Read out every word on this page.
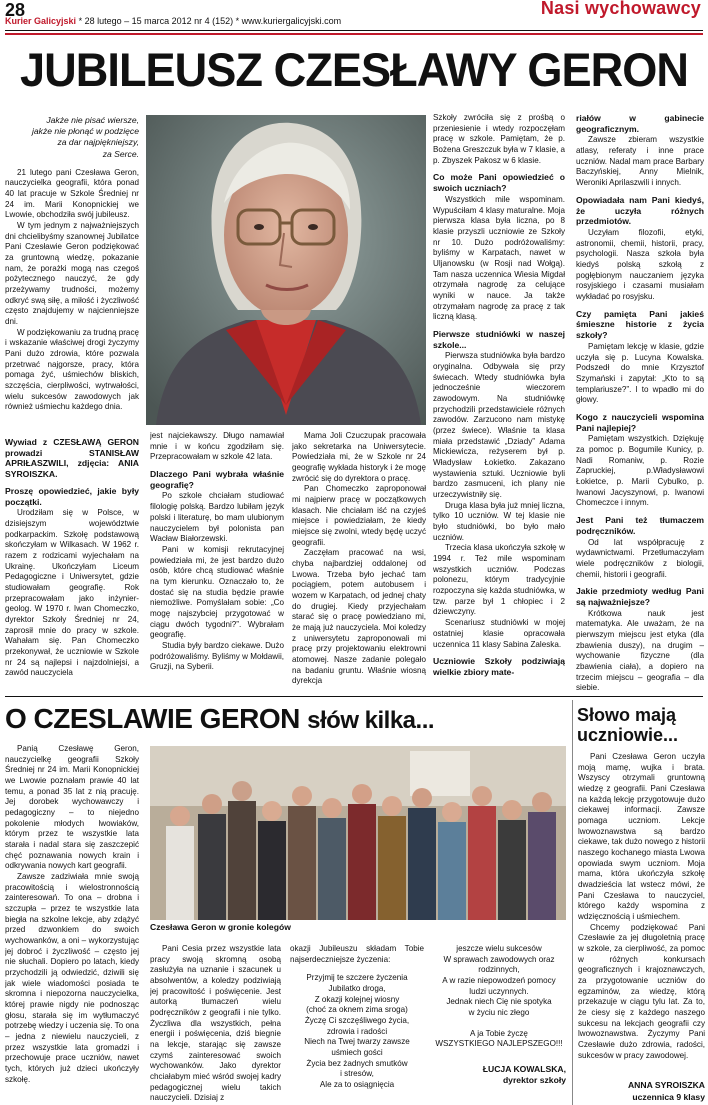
28	Nasi wychowawcy
Kurier Galicyjski * 28 lutego – 15 marca 2012 nr 4 (152) * www.kuriergalicyjski.com
JUBILEUSZ CZESŁAWY GERON
Jakże nie pisać wiersze,
jakże nie płonąć w podzięce
za dar najpiękniejszy,
za Serce.

21 lutego pani Czesława Geron, nauczycielka geografii, która ponad 40 lat pracuje w Szkole Średniej nr 24 im. Marii Konopnickiej we Lwowie, obchodziła swój jubileusz.

W tym jednym z najważniejszych dni chcielibyśmy szanownej Jubilatce Pani Czesławie Geron podziękować za gruntowną wiedzę, pokazanie nam, że porażki mogą nas czegoś pożytecznego nauczyć, że gdy przeżywamy trudności, możemy odkryć swą siłę, a miłość i życzliwość często znajdujemy w najcienniejsze dni.

W podziękowaniu za trudną pracę i wskazanie właściwej drogi życzymy Pani dużo zdrowia, które pozwala przetrwać najgorsze, pracy, która pomaga żyć, uśmiechów bliskich, szczęścia, cierpliwości, wytrwałości, wielu sukcesów zawodowych jak również uśmiechu każdego dnia.

Wywiad z CZESŁAWĄ GERON prowadzi STANISŁAW APRIŁASZWILI, zdjęcia: ANIA SYROISZKA.
Proszę opowiedzieć, jakie były początki.

Urodziłam się w Polsce, w dzisiejszym województwie podkarpackim. Szkołę podstawową skończyłam w Wilkasach. W 1962 r. razem z rodzicami wyjechałam na Ukrainę. Ukończyłam Liceum Pedagogiczne i Uniwersytet, gdzie studiowałam geografię. Rok przepracowałam jako inżynier-geolog. W 1970 r. Iwan Chomeczko, dyrektor Szkoły Średniej nr 24, zaprosił mnie do pracy w szkole. Wahałam się. Pan Chomeczko przekonywał, że uczniowie w Szkole nr 24 są najlepsi i najzdolniejsi, a zawód nauczyciela

jest najciekawszy. Długo namawiał mnie i w końcu zgodziłam się. Przepracowałam w szkole 42 lata.

Dlaczego Pani wybrała właśnie geografię?

Po szkole chciałam studiować filologię polską. Bardzo lubiłam język polski i literaturę, bo mam ulubionym nauczycielem był polonista pan Wacław Białorzewski.

Pani w komisji rekrutacyjnej powiedziała mi, że jest bardzo dużo osób, które chcą studiować właśnie na tym kierunku. Oznaczało to, że dostać się na studia będzie prawie niemożliwe. Pomyślałam sobie: „Co mogę najszybciej przygotować w ciągu dwóch tygodni?”. Wybrałam geografię.

Studia były bardzo ciekawe. Dużo podróżowaliśmy. Byliśmy w Mołdawii, Gruzji, na Syberii.

Mama Joli Czuczupak pracowała jako sekretarka na Uniwersytecie. Powiedziała mi, że w Szkole nr 24 geografię wykłada historyk i że mogę zwrócić się do dyrektora o pracę.

Pan Chomeczko zaproponował mi najpierw pracę w początkowych klasach. Nie chciałam iść na czyjeś miejsce i powiedziałam, że kiedy miejsce się zwolni, wtedy będę uczyć geografii.

Zaczęłam pracować na wsi, chyba najbardziej oddalonej od Lwowa. Trzeba było jechać tam pociągiem, potem autobusem i wozem w Karpatach, od jednej chaty do drugiej. Kiedy przyjechałam starać się o pracę powiedziano mi, że mają już nauczyciela. Moi koledzy z uniwersytetu zaproponowali mi pracę przy projektowaniu elektrowni atomowej. Nasze zadanie polegało na badaniu gruntu. Właśnie wiosną dyrekcja

Szkoły zwróciła się z prośbą o przeniesienie i wtedy rozpoczęłam pracę w szkole. Pamiętam, że p. Bożena Greszczuk była w 7 klasie, a p. Zbyszek Pakosz w 6 klasie.

Co może Pani opowiedzieć o swoich uczniach?

Wszystkich mile wspominam. Wypuściłam 4 klasy maturalne. Moja pierwsza klasa była liczna, po 8 klasie przyszli uczniowie ze Szkoły nr 10. Dużo podróżowaliśmy: byliśmy w Karpatach, nawet w Uljanowsku (w Rosji nad Wołgą). Tam nasza uczennica Wiesia Migdał otrzymała nagrodę za celujące wyniki w nauce. Ja także otrzymałam nagrodę za pracę z tak liczną klasą.

Pierwsze studniówki w naszej szkole...

Pierwsza studniówka była bardzo oryginalna. Odbywała się przy świecach. Wtedy studniówka była jednocześnie wieczorem zawodowym. Na studniówkę przychodzili przedstawiciele różnych zawodów. Zarzucono nam mistykę (przez świece). Właśnie ta klasa miała przedstawić „Dziady” Adama Mickiewicza, reżyserem był p. Władysław Łokietko. Zakazano wystawienia sztuki. Uczniowie byli bardzo zasmuceni, ich plany nie urzeczywistniły się.

Druga klasa była już mniej liczna, tylko 10 uczniów. W tej klasie nie było studniówki, bo było mało uczniów.

Trzecia klasa ukończyła szkołę w 1994 r. Też mile wspominam wszystkich uczniów. Podczas polonezu, którym tradycyjnie rozpoczyna się każda studniówka, w tzw. parze był 1 chłopiec i 2 dziewczyny.

Scenariusz studniówki w mojej ostatniej klasie opracowała uczennica 11 klasy Sabina Zaleska.

Uczniowie Szkoły podziwiają wielkie zbiory mate-
riałów w gabinecie geograficznym.

Zawsze zbieram wszystkie atlasy, referaty i inne prace uczniów. Nadal mam prace Barbary Baczyńskiej, Anny Mielnik, Weroniki Aprilaszwili i innych.

Opowiadała nam Pani kiedyś, że uczyła różnych przedmiotów.

Uczyłam filozofii, etyki, astronomii, chemii, historii, pracy, psychologii. Nasza szkoła była kiedyś polską szkołą z pogłębionym nauczaniem języka rosyjskiego i czasami musiałam wykładać po rosyjsku.

Czy pamięta Pani jakieś śmieszne historie z życia szkoły?

Pamiętam lekcję w klasie, gdzie uczyła się p. Lucyna Kowalska. Podszedł do mnie Krzysztof Szymański i zapytał: „Kto to są templariusze?”. I to wpadło mi do głowy.

Kogo z nauczycieli wspomina Pani najlepiej?

Pamiętam wszystkich. Dziękuję za pomoc p. Bogumile Kunicy, p. Nadi Romaniw, p. Rozie Zapruckiej, p.Władysławowi Łokietce, p. Marii Cybulko, p. Iwanowi Jacyszynowi, p. Iwanowi Chomeczce i innym.

Jest Pani też tłumaczem podręczników.

Od lat współpracuję z wydawnictwami. Przetłumaczyłam wiele podręczników z biologii, chemii, historii i geografii.

Jakie przedmioty według Pani są najważniejsze?

Krótkowa nauk jest matematyka. Ale uważam, że na pierwszym miejscu jest etyka (dla zbawienia duszy), na drugim – wychowanie fizyczne (dla zbawienia ciała), a dopiero na trzecim miejscu – geografia – dla siebie.

O CZESLAWIE GERON słów kilka...

Panią Czesławę Geron, nauczycielkę geografii Szkoły Średniej nr 24 im. Marii Konopnickiej we Lwowie poznałam prawie 40 lat temu, a ponad 35 lat z nią pracuję. Jej dorobek wychowawczy i pedagogiczny – to niejedno pokolenie młodych lwowiaków, którym przez te wszystkie lata starała i nadal stara się zaszczepić chęć poznawania nowych krain i odkrywania nowych kart geografii.

Zawsze zadziwiała mnie swoją pracowitością i wielostronnością zainteresowań. To ona – drobna i szczupła – przez te wszystkie lata biegła na szkolne lekcje, aby zdążyć przed dzwonkiem do swoich wychowanków, a oni – wykorzystując jej dobroć i życzliwość – często jej nie słuchali. Dopiero po latach, kiedy przychodzili ją odwiedzić, dziwili się jak wiele wiadomości posiada te skromna i niepozorna nauczycielka, której prawie nigdy nie podnosząc głosu, starała się im wytłumaczyć potrzebę wiedzy i uczenia się. To ona – jedna z niewielu nauczycieli, z przez wszystkie lata gromadzi i przechowuje prace uczniów, nawet tych, których już dzieci ukończyły szkołę.

Czesława Geron w gronie kolegów

Pani Cesia przez wszystkie lata pracy swoją skromną osobą zasłużyła na uznanie i szacunek u absolwentów, a koledzy podziwiają jej pracowitość i poświęcenie. Jest autorką tłumaczeń wielu podręczników z geografii i nie tylko. Życzliwa dla wszystkich, pełna energii i poświęcenia, dziś biegnie na lekcje, starając się zawsze czymś zainteresować swoich wychowanków. Jako dyrektor chciałabym mieć wśród swojej kadry pedagogicznej wielu takich nauczycieli. Dzisiaj z

okazji Jubileuszu składam Tobie najserdeczniejsze życzenia:

Przyjmij te szczere życzenia
Jubilatko droga,
Z okazji kolejnej wiosny
(choć za oknem zima sroga)
Życzę Ci szczęśliwego życia,
zdrowia i radości
Niech na Twej twarzy zawsze
uśmiech gości
Życia bez żadnych smutków
i stresów,
Ale za to osiągnięcia
jeszcze wielu sukcesów
W sprawach zawodowych oraz
rodzinnych,
A w razie niepowodzeń pomocy
ludzi uczynnych.
Jednak niech Cię nie spotyka
w życiu nic złego
A ja Tobie życzę
WSZYSTKIEGO NAJLEPSZEGO!!!
ŁUCJA KOWALSKA,
dyrektor szkoły
Słowo mają uczniowie...

Pani Czesława Geron uczyła moją mamę, wujka i brata. Wszyscy otrzymali gruntowną wiedzę z geografii. Pani Czesława na każdą lekcję przygotowuje dużo ciekawej informacji. Zawsze pomaga uczniom. Lekcje lwowoznawstwa są bardzo ciekawe, tak dużo nowego z historii naszego kochanego miasta Lwowa opowiada swym uczniom. Moja mama, która ukończyła szkołę dwadzieścia lat wstecz mówi, że Pani Czesława to nauczyciel, którego każdy wspomina z wdzięcznością i uśmiechem.

Chcemy podziękować Pani Czesławie za jej długoletnią pracę w szkole, za cierpliwość, za pomoc w różnych konkursach geograficznych i krajoznawczych, za przygotowanie uczniów do egzaminów, za wiedzę, którą przekazuje w ciągu tylu lat. Za to, że ciesy się z każdego naszego sukcesu na lekcjach geografii czy lwowoznawstwa. Życzymy Pani Czesławie dużo zdrowia, radości, sukcesów w pracy zawodowej.

ANNA SYROISZKA
uczennica 9 klasy
